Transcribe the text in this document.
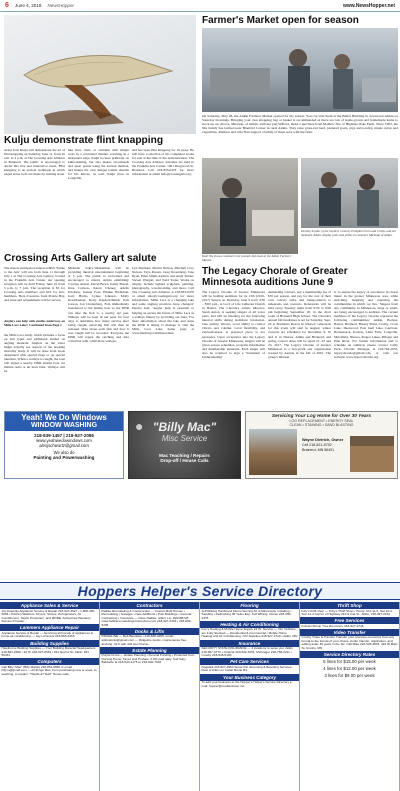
6 June 4, 2016 NewsHopper	www.NewsHopper.net
Kulju demonstrate flint knapping
Artist Tom Kulju will demonstrate the art of flint knapping on Saturday, June 11, from 10 a.m. to 2 p.m. at The Crossing Arts Alliance in Brainerd. The public is encouraged to attend this free and interactive event. Flint knapping is an ancient technique in which edged stone tools are made by striking stone
like flint, chert, or obsidian with simple tools in a controlled manner, resulting in a sharpened edge. Kulju focuses primarily on knife-making, but also makes arrowheads and spear points using the ancient method, and makes his own antique leather sheaths for his knives, as well. Kulju lives in Longville,
and has been flint knapping for 16 years. He will have a selection of his completed works for sale at the time of the demonstration. The Crossing Arts Alliance activities are held in the Franklin Arts Center, 1001 Kingwood St. Brainerd. Call 218-833-0476 for more information or email info@crossingarts.org.
Farmer's Market open for season
On Saturday, May 28, the Aitkin Farmers' Market opened for the season. You can visit them at the Butler Building in downtown Aitkin on Saturday mornings. Bringing your own shopping bag or basket is recommended as there are lots of home-grown and homemade items to stock up on. Above, Miranda, of Aitkin, with her pup Willard, make a purchase from Mathew Nix of Highrise Oaks Farm. Since 1902, the Nix family has farmed near Bluebird Corner in rural Aitkin. They raise grass-fed beef, pastured goats, pigs and poultry, maple syrup and vegetables. Mathew and wife Nan support a family of three sons with the farm.
Kate Nix shows customers her pasture-fed meat at the Aitkin Farmers' Market.
Destiny Snyder of the Snyders Country Pumpkin Farm and Crafts, and her husband, Adam, display jams and jellies to customer Miranda of Aitkin.
Crossing Arts Gallery art salute
The march anticipated annual exhibit 'Salute to the Arts' will run from June 11 through July 1 at The Crossing Arts Gallery, located in the Franklin Arts Center. An opening reception will be held Friday, June 10 from 5 p.m. to 7 p.m. The reception is $5 for Crossing Arts members and $10 for non-members. Hors d'oeuvres from Prairie Bay, and wine and refreshments will be served.
Anglers can help with studies underway on Mille Lacs Lake | Continued from Page 1
the Mille Lacs study, which includes a focus on bait types and additional studies on angling methods. Anglers on the water might actually see aspects of the hooking mortality study. It will be done from boats designated with special flags or on special launches. When a walleye is caught, the boat will signal a nearby DNR shuttle boat via marine radio or air horn blast. Walleye will be
Michelle Sakry-Winkelman will be providing musical entertainment beginning at 5 p.m. The public is welcomed and encouraged to attend. Artists exhibiting: Carolyn Abbott, David Bown, Kathy Brasel, Kate Carlson, Karen Cheney, Adelle Erickson, Jeanne Foss, Hankie Hadarbek, Gary Harris, Lynne Johnson, Molly Kraabbenner, Kerry Kupferschmidt, Tom Larson, Jon Lindenburg, Erin immediately transferred to the shuttle boat so the DNR can take the fish to a nearby net pen. Walleye will be kept in net pens for four days to determine how many survive after being caught; surviving fish will then be released. Data about each fish and how it was caught will be recorded. 'Everyone the DNR will repeat the catching and data collection with 1,500 more walleye.
Lyn Matthies, Martin Nelson, Mitchell Cory Nelson, Taya Persen, Greg Rosenberg, Jane Ryan, Ellen Smith-Andrew and Andy Turner, Steven Wasgatt, and Todd Yoder. Works on display include lighted sculpture, painting, photography, woodworking, and more. Call The Crossing Arts Alliance at 218-833-0476 or email info@crossingarts.org for more information. 'Mille Lacs is a changing lake and some angling practices have changed,' Pereira said. 'Angler help is essential to helping us secure the future of Mille Lacs as a walleye fishery by providing our state.' For more information about the lake and steps the DNR is taking to manage it, visit the Mille Lacs Lake home page at www.mndnr.gov/millelacslake.
The Legacy Chorale of Greater
Minnesota auditions June 9
The Legacy Chorale of Greater Minnesota will be holding auditions for its 13th (2016-2017) Season on Thursday, June 9 from 4:30 – 8:00 p.m., at Lord of Life Lutheran Church in Baxter. The Chorale's artistic Director, Sarah Anton, is seeking singers of all voice parts, and will be listening for the following musical skills during auditions: intonation, tone quality, vibrato, vocal ability to control vibrato and volume, vocal flexibility, and expressiveness. A prepared piece is not necessary. Upon acceptance into the Legacy Chorale of Greater Minnesota, singers will be given season schedules, program information and membership materials. Each singer will also be required to sign a 'Statement of Understanding'
demanding contract, pay a membership fee of $55 per season, and pay for the cost of their own concert attire and transportation to rehearsals and concerts. Rehearsals will be held every Tuesday night from 6:30 to 9:00 pm beginning September 20, in the choir room of Brainerd High School. The Chorale's annual fall fundraiser is set for Saturday, Sept. 24 at Madden's Resort in Nisswa; rehearsals for this event will start in August; winter concerts are scheduled for December 9, 10 and 11 in Nisswa, Aitkin and Brainerd; and spring concert dates will be April 21, 22 and 23, 2017. The Legacy Chorale of Greater Minnesota is a non-profit arts organization created by Aanton in the fall of 2001. The group's mission
is 'to ensure the legacy of excellence in choral music in the greater Minnesota area, while enriching, inspiring and renewing the communities in which we live.' Singers from any community in Minnesota, large or small, are being encouraged to audition. The current members of the Legacy Chorale represent the following communities: Aitkin, Backus, Baxter, Brainerd, Breezy Point, Crosby, Cross Lake, Deerwood, East Gull Lake, Garrison, Hackensack, Ironton, Little Falls, Longville, Merrifield, Nisswa, Pequot Lakes, Pillager and Pine River. For further information and to schedule an audition, please contact Cathy Peck, Chorale Manager, at 218-764-2035, legacychorale@gmail.com, or visit our website: www.legacychorale.org.
Yeah! We Do Windows
WINDOW WASHING
218-839-1457 | 218-927-2086
www.yeahwedowindows.com
alexjschwartz@gmail.com
We also do
Painting and Powerwashing
● "Billy Mac"
Misc Service
Mac Teaching / Repairs
Drop-off / House Calls
Servicing Your Log Home for Over 30 Years
LOG REPLACEMENT • ENERGY SEAL
CLEAN • STAINING • SAND BLASTING
Wayne Dietrich, Owner
Cell 218-821-8792
Brainerd, MN 56401
Hoppers Helper's Service Directory
Appliance Sales & Service
Jim Kokesky Appliance Service & Repair 218-927-2527 • 1-800-450-5664 • Kitchen Washers, Dryers, Stoves, Refrigerators, Air Conditioners, Septic Protection, and MORE. Authorized Warranty Service Provider.
Lammers Appliance Repair
Appliance Service & Repair — Servicing all brands of appliances & home air conditioning — Jay Lammers 218-865-4453
Building Supplies
Hawthorne Building Supplies — Your Building Material Headquarters 218-831-2660 • 24 Hr 218-927-6551 • 811 Nevins St. Aitkin, MN 56431
Computers
Call Billy "Mac" (Billy Mattis) 218-851-9980 or email billym@gmail.com — All things Mac, from purchasing new or used, to teaching, to repairs. "Hands & Heart" House calls.
Contractors
Radtke Remodeling & Construction — Custom Built Homes • Remodeling • Garages • New Additions • Pole Buildings • General Contracting • Insurance — Dave Radtke, Aitkin, Lic. #20108728 www.radtkeremodelingconstruction.com 218-927-2401 • 218-839-5285
Docks & Lifts
RIDGELINE — Bob Baudette • 218-838-4285, email: aitkindocks@gmail.com — Ridgeline docks, maintenance free decking, 32 ft with 4x8 steel frame.
Estate Planning
Purple Cross — Estate Planning • Funeral Funding • Protected from Nursing Home, Taxes and Probate. 0.0% paid daily. Call Gary Babbette at 218-543-4175 or 218-820-7602
Flooring
Jeff Wiberg Hardwood Floors Serving All of Minnesota, Installing • Sanding • Refinishing 30 Years Exp. Jeff Wiberg, Owner 218-256-2376
Heating & Air Conditioning
Ken's Heating & Mobile Home Supply 24 Hr. Service — Our Vehicles are Fully Stocked — Residential & Commercial • Mobile Home Heating and Air Conditioning • RV Supplies 218-927-4710 • Aitkin, MN
Insurance
SECURITY STATE INSURANCE — 4 locations to serve you: Aitkin 218-927-3773 • Onamia 320-532-3251, McGregor 218-768-2211 • Crosby 218-546-5183
Pet Care Services
Dogwalk 218-927-4560 Super Pet Grooming & Boarding Services. Rest of Aitkin on Cedar Brook Rd.
Your Business Category
To add your business to the Hopper's Helper's Service Directory e-mail: hopper@mediaminion.net
Thrift Shop
toby's thrift shop — Toby's Thrift Shop • Hours: M-F 11-5, Sat 10-4, Sun 11-4 Corner of Highway 210 & 2nd St., Aitkin, 218-927-2154
Free Services
Koleski Stump Tree Removal • 218-927-2746
Video Transfer
Crosby Video & Transfer Transfer your precious memories from any format to the format of your choice. Audio transfer, duplication, and editing avail. 36 years in the biz. Call Mike 218-546-3878, 416 W Main St. Crosby, MN
Service Directory Rates
5 lines for $15.00 per week
4 lines for $12.00 per week
3 lines for $9.00 per week
